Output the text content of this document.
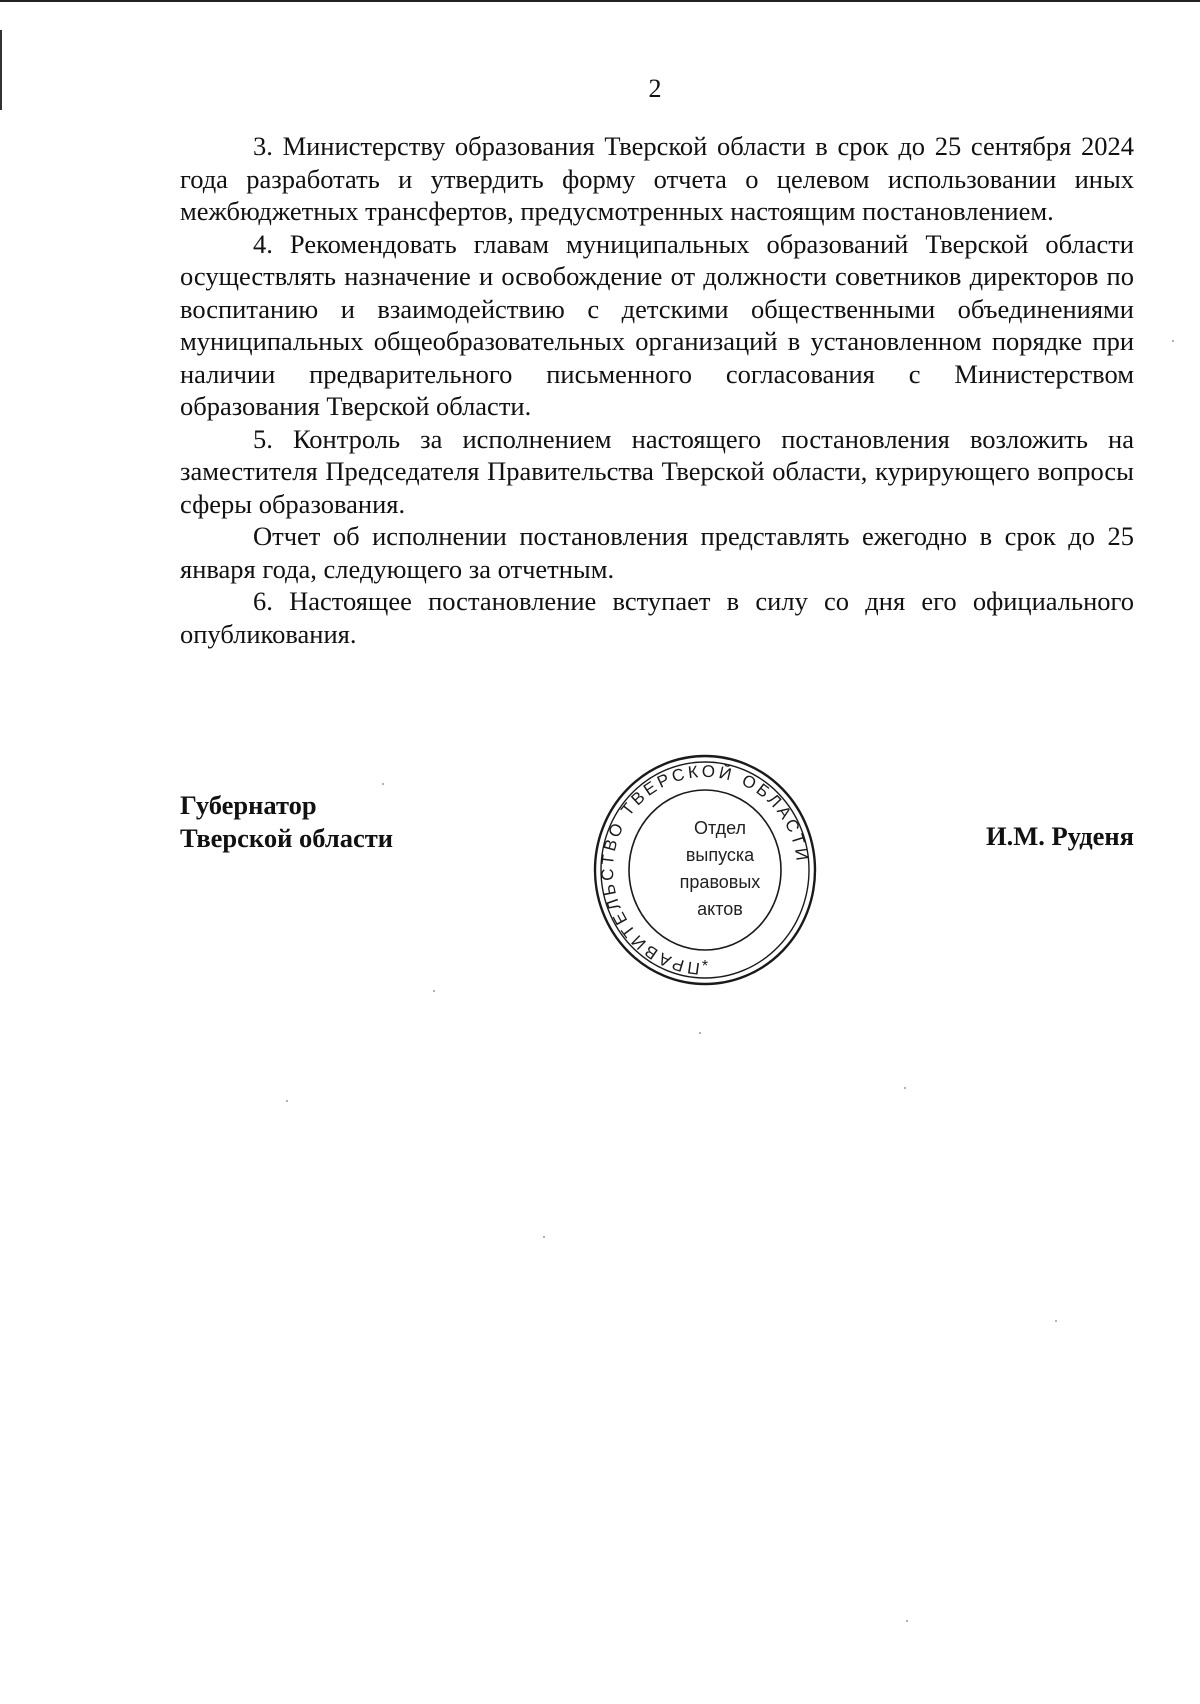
2

3. Министерству образования Тверской области в срок до 25 сентября 2024 года разработать и утвердить форму отчета о целевом использовании иных межбюджетных трансфертов, предусмотренных настоящим постановлением.

4. Рекомендовать главам муниципальных образований Тверской области осуществлять назначение и освобождение от должности советников директоров по воспитанию и взаимодействию с детскими общественными объединениями муниципальных общеобразовательных организаций в установленном порядке при наличии предварительного письменного согласования с Министерством образования Тверской области.

5. Контроль за исполнением настоящего постановления возложить на заместителя Председателя Правительства Тверской области, курирующего вопросы сферы образования.

Отчет об исполнении постановления представлять ежегодно в срок до 25 января года, следующего за отчетным.

6. Настоящее постановление вступает в силу со дня его официального опубликования.

Губернатор
Тверской области
ПРАВИТЕЛЬСТВО ТВЕРСКОЙ ОБЛАСТИ
*
Отдел
выпуска
правовых
актов
И.М. Руденя
